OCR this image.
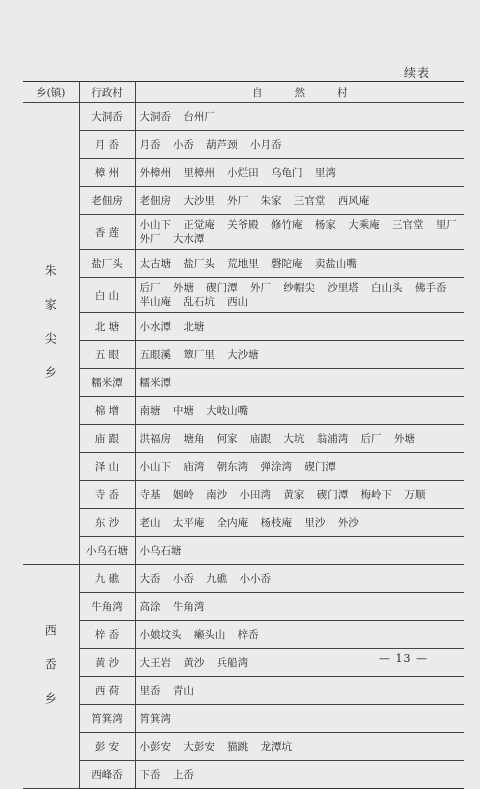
续表
乡(镇)	行政村	自然村
朱家尖乡	大洞岙	大洞岙 台州厂
	月 岙	月岙 小岙 葫芦颈 小月岙
	樟 州	外樟州 里樟州 小烂田 乌龟门 里湾
	老佃房	老佃房 大沙里 外厂 朱家 三官堂 西风庵
	香 莲	小山下 正觉庵 关爷殿 修竹庵 杨家 大乘庵 三官堂 里厂 外厂 大水潭
	盐厂头	太古塘 盐厂头 荒地里 磬陀庵 卖盐山嘴
	白 山	后厂 外塘 碶门潭 外厂 纱帽尖 沙里塔 白山头 佛手岙 半山庵 乱石坑 西山
	北 塘	小水潭 北塘
	五 眼	五眼溪 簟厂里 大沙塘
	糯米潭	糯米潭
	棉 增	南塘 中塘 大岐山嘴
	庙 跟	洪福房 塘角 何家 庙跟 大坑 翁浦湾 后厂 外塘
	泽 山	小山下 庙湾 朝东湾 弹涂湾 碶门潭
	寺 岙	寺基 姻岭 南沙 小田湾 黄家 碶门潭 梅岭下 万顺
	东 沙	老山 太平庵 全内庵 杨枝庵 里沙 外沙
	小乌石塘	小乌石塘
西岙乡	九 礁	大岙 小岙 九礁 小小岙
	牛角湾	高涂 牛角湾
	梓 岙	小娘坟头 癞头山 梓岙
	黄 沙	大王岩 黄沙 兵船湾
	西 荷	里岙 青山
	筲箕湾	筲箕湾
	彭 安	小彭安 大彭安 猫跳 龙潭坑
	西峰岙	下岙 上岙
— 13 —
